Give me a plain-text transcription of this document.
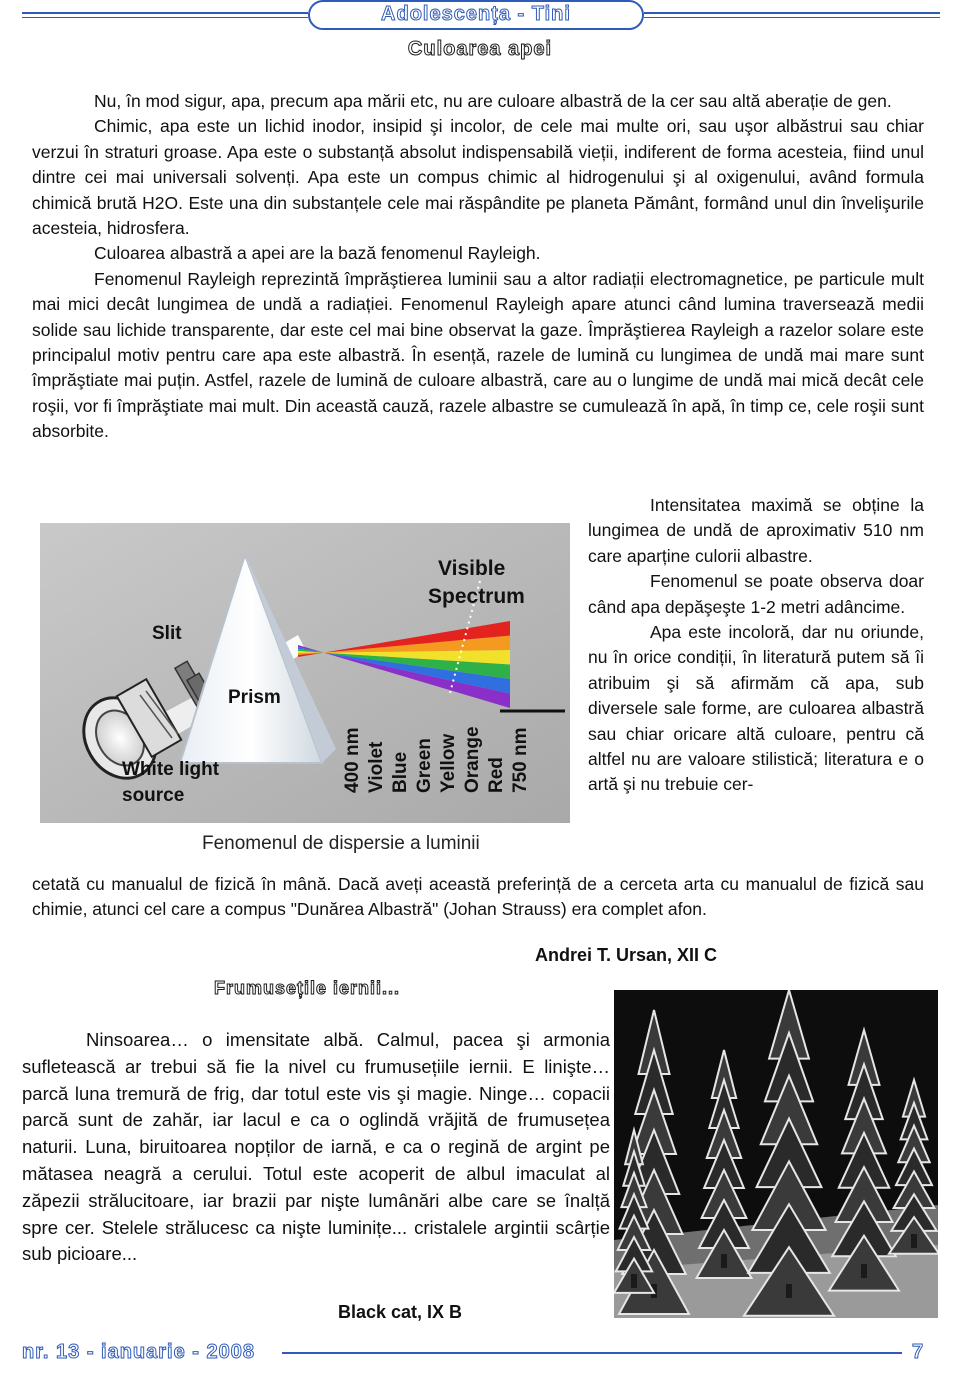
Adolescența - Tini
Culoarea apei

Nu, în mod sigur, apa, precum apa mării etc, nu are culoare albastră de la cer sau altă aberație de gen.

Chimic, apa este un lichid inodor, insipid şi incolor, de cele mai multe ori, sau uşor albăstrui sau chiar verzui în straturi groase. Apa este o substanță absolut indispensabilă vieții, indiferent de forma acesteia, fiind unul dintre cei mai universali solvenți. Apa este un compus chimic al hidrogenului şi al oxigenului, având formula chimică brută H2O. Este una din substanțele cele mai răspândite pe planeta Pământ, formând unul din învelişurile acesteia, hidrosfera.

Culoarea albastră a apei are la bază fenomenul Rayleigh.

Fenomenul Rayleigh reprezintă împrăştierea luminii sau a altor radiații electromagnetice, pe particule mult mai mici decât lungimea de undă a radiației. Fenomenul Rayleigh apare atunci când lumina traversează medii solide sau lichide transparente, dar este cel mai bine observat la gaze. Împrăştierea Rayleigh a razelor solare este principalul motiv pentru care apa este albastră. În esență, razele de lumină cu lungimea de undă mai mare sunt împrăştiate mai puțin. Astfel, razele de lumină de culoare albastră, care au o lungime de undă mai mică decât cele roşii, vor fi împrăştiate mai mult. Din această cauză, razele albastre se cumulează în apă, în timp ce, cele roşii sunt absorbite.

Slit
Prism
White light
source
Visible
Spectrum
400 nm Violet Blue Green Yellow Orange Red 750 nm
Fenomenul de dispersie a luminii

Intensitatea maximă se obține la lungimea de undă de aproximativ 510 nm care aparține culorii albastre.

Fenomenul se poate observa doar când apa depăşeşte 1-2 metri adâncime.

Apa este incoloră, dar nu oriunde, nu în orice condiții, în literatură putem să îi atribuim şi să afirmăm că apa, sub diversele sale forme, are culoarea albastră sau chiar oricare altă culoare, pentru că altfel nu are valoare stilistică; literatura e o artă şi nu trebuie cer-

cetată cu manualul de fizică în mână. Dacă aveți această preferință de a cerceta arta cu manualul de fizică sau chimie, atunci cel care a compus "Dunărea Albastră" (Johan Strauss) era complet afon.

Andrei T. Ursan, XII C
Frumusețile iernii...

Ninsoarea… o imensitate albă. Calmul, pacea şi armonia sufletească ar trebui să fie la nivel cu frumusețiile iernii. E linişte… parcă luna tremură de frig, dar totul este vis şi magie. Ninge… copacii parcă sunt de zahăr, iar lacul e ca o oglindă vrăjită de frumusețea naturii. Luna, biruitoarea nopților de iarnă, e ca o regină de argint pe mătasea neagră a cerului. Totul este acoperit de albul imaculat al zăpezii strălucitoare, iar brazii par nişte lumânări albe care se înalță spre cer. Stelele strălucesc ca nişte luminițe... cristalele argintii scârție sub picioare...

Black cat, IX B
nr. 13 - ianuarie - 2008	7
